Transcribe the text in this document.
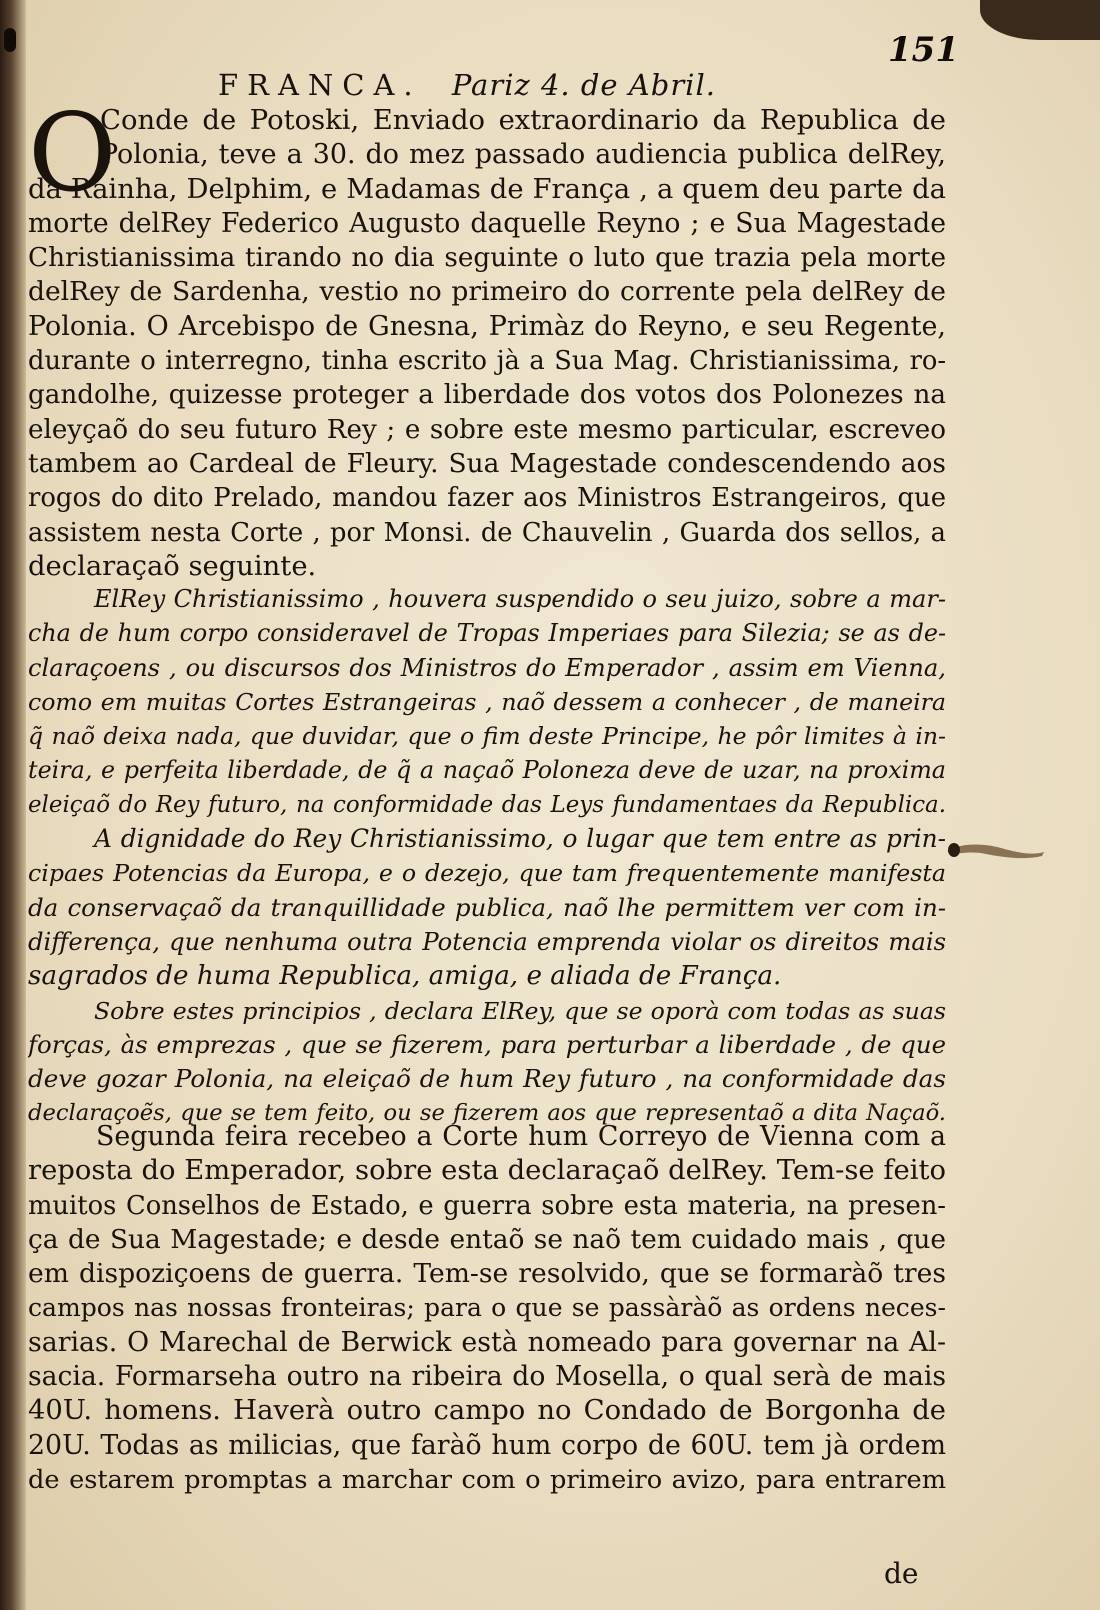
151
FRANCA. Pariz 4. de Abril.
O
Conde de Potoski, Enviado extraordinario da Republica de
Polonia, teve a 30. do mez passado audiencia publica delRey,
da Rainha, Delphim, e Madamas de França , a quem deu parte da
morte delRey Federico Augusto daquelle Reyno ; e Sua Magestade
Christianissima tirando no dia seguinte o luto que trazia pela morte
delRey de Sardenha, vestio no primeiro do corrente pela delRey de
Polonia. O Arcebispo de Gnesna, Primàz do Reyno, e seu Regente,
durante o interregno, tinha escrito jà a Sua Mag. Christianissima, ro-
gandolhe, quizesse proteger a liberdade dos votos dos Polonezes na
eleyçaõ do seu futuro Rey ; e sobre este mesmo particular, escreveo
tambem ao Cardeal de Fleury. Sua Magestade condescendendo aos
rogos do dito Prelado, mandou fazer aos Ministros Estrangeiros, que
assistem nesta Corte , por Monsi. de Chauvelin , Guarda dos sellos, a
declaraçaõ seguinte.
ElRey Christianissimo , houvera suspendido o seu juizo, sobre a mar-
cha de hum corpo consideravel de Tropas Imperiaes para Silezia; se as de-
claraçoens , ou discursos dos Ministros do Emperador , assim em Vienna,
como em muitas Cortes Estrangeiras , naõ dessem a conhecer , de maneira
q̃ naõ deixa nada, que duvidar, que o fim deste Principe, he pôr limites à in-
teira, e perfeita liberdade, de q̃ a naçaõ Poloneza deve de uzar, na proxima
eleiçaõ do Rey futuro, na conformidade das Leys fundamentaes da Republica.
A dignidade do Rey Christianissimo, o lugar que tem entre as prin-
cipaes Potencias da Europa, e o dezejo, que tam frequentemente manifesta
da conservaçaõ da tranquillidade publica, naõ lhe permittem ver com in-
differença, que nenhuma outra Potencia emprenda violar os direitos mais
sagrados de huma Republica, amiga, e aliada de França.
Sobre estes principios , declara ElRey, que se oporà com todas as suas
forças, às emprezas , que se fizerem, para perturbar a liberdade , de que
deve gozar Polonia, na eleiçaõ de hum Rey futuro , na conformidade das
declaraçoẽs, que se tem feito, ou se fizerem aos que representaõ a dita Naçaõ.
Segunda feira recebeo a Corte hum Correyo de Vienna com a
reposta do Emperador, sobre esta declaraçaõ delRey. Tem-se feito
muitos Conselhos de Estado, e guerra sobre esta materia, na presen-
ça de Sua Magestade; e desde entaõ se naõ tem cuidado mais , que
em dispoziçoens de guerra. Tem-se resolvido, que se formaràõ tres
campos nas nossas fronteiras; para o que se passàràõ as ordens neces-
sarias. O Marechal de Berwick està nomeado para governar na Al-
sacia. Formarseha outro na ribeira do Mosella, o qual serà de mais
40U. homens. Haverà outro campo no Condado de Borgonha de
20U. Todas as milicias, que faràõ hum corpo de 60U. tem jà ordem
de estarem promptas a marchar com o primeiro avizo, para entrarem
de
